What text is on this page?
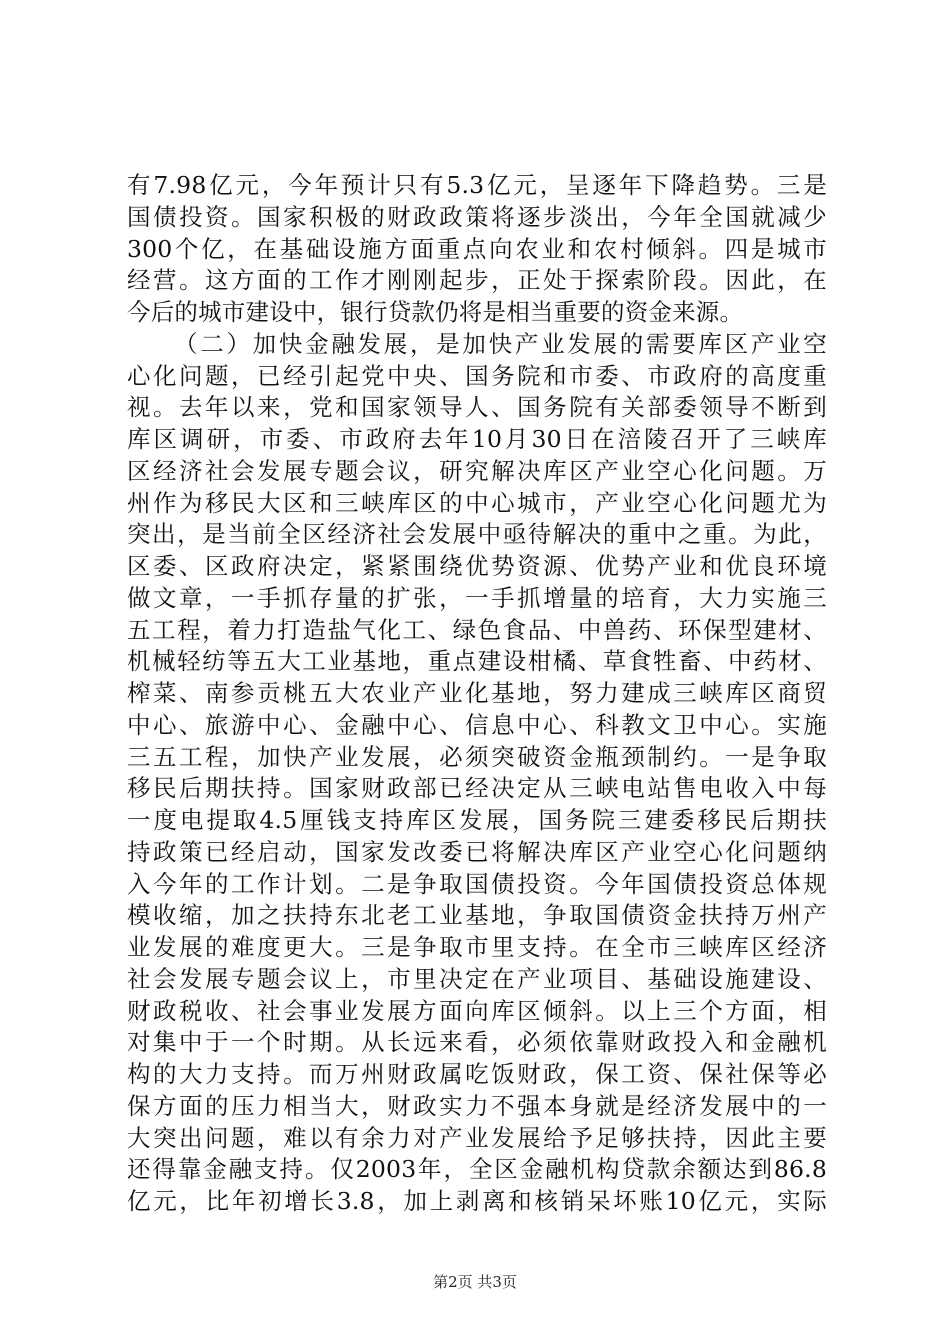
有7.98亿元，今年预计只有5.3亿元，呈逐年下降趋势。三是
国债投资。国家积极的财政政策将逐步淡出，今年全国就减少
300个亿，在基础设施方面重点向农业和农村倾斜。四是城市
经营。这方面的工作才刚刚起步，正处于探索阶段。因此，在
今后的城市建设中，银行贷款仍将是相当重要的资金来源。
（二）加快金融发展，是加快产业发展的需要库区产业空
心化问题，已经引起党中央、国务院和市委、市政府的高度重
视。去年以来，党和国家领导人、国务院有关部委领导不断到
库区调研，市委、市政府去年10月30日在涪陵召开了三峡库
区经济社会发展专题会议，研究解决库区产业空心化问题。万
州作为移民大区和三峡库区的中心城市，产业空心化问题尤为
突出，是当前全区经济社会发展中亟待解决的重中之重。为此，
区委、区政府决定，紧紧围绕优势资源、优势产业和优良环境
做文章，一手抓存量的扩张，一手抓增量的培育，大力实施三
五工程，着力打造盐气化工、绿色食品、中兽药、环保型建材、
机械轻纺等五大工业基地，重点建设柑橘、草食牲畜、中药材、
榨菜、南参贡桃五大农业产业化基地，努力建成三峡库区商贸
中心、旅游中心、金融中心、信息中心、科教文卫中心。实施
三五工程，加快产业发展，必须突破资金瓶颈制约。一是争取
移民后期扶持。国家财政部已经决定从三峡电站售电收入中每
一度电提取4.5厘钱支持库区发展，国务院三建委移民后期扶
持政策已经启动，国家发改委已将解决库区产业空心化问题纳
入今年的工作计划。二是争取国债投资。今年国债投资总体规
模收缩，加之扶持东北老工业基地，争取国债资金扶持万州产
业发展的难度更大。三是争取市里支持。在全市三峡库区经济
社会发展专题会议上，市里决定在产业项目、基础设施建设、
财政税收、社会事业发展方面向库区倾斜。以上三个方面，相
对集中于一个时期。从长远来看，必须依靠财政投入和金融机
构的大力支持。而万州财政属吃饭财政，保工资、保社保等必
保方面的压力相当大，财政实力不强本身就是经济发展中的一
大突出问题，难以有余力对产业发展给予足够扶持，因此主要
还得靠金融支持。仅2003年，全区金融机构贷款余额达到86.8
亿元，比年初增长3.8，加上剥离和核销呆坏账10亿元，实际
第2页 共3页
